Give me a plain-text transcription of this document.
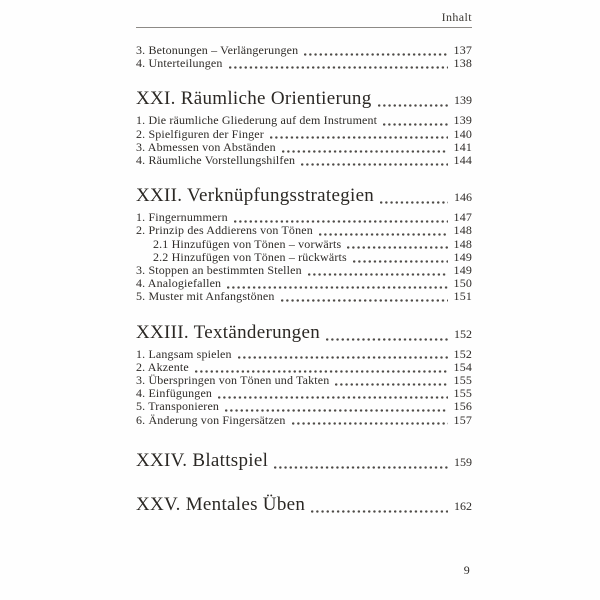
Inhalt
3. Betonungen – Verlängerungen	137
4. Unterteilungen	138
XXI. Räumliche Orientierung	139
1. Die räumliche Gliederung auf dem Instrument	139
2. Spielfiguren der Finger	140
3. Abmessen von Abständen	141
4. Räumliche Vorstellungshilfen	144
XXII. Verknüpfungsstrategien	146
1. Fingernummern	147
2. Prinzip des Addierens von Tönen	148
2.1 Hinzufügen von Tönen – vorwärts	148
2.2 Hinzufügen von Tönen – rückwärts	149
3. Stoppen an bestimmten Stellen	149
4. Analogiefallen	150
5. Muster mit Anfangstönen	151
XXIII. Textänderungen	152
1. Langsam spielen	152
2. Akzente	154
3. Überspringen von Tönen und Takten	155
4. Einfügungen	155
5. Transponieren	156
6. Änderung von Fingersätzen	157
XXIV. Blattspiel	159
XXV. Mentales Üben	162
9
